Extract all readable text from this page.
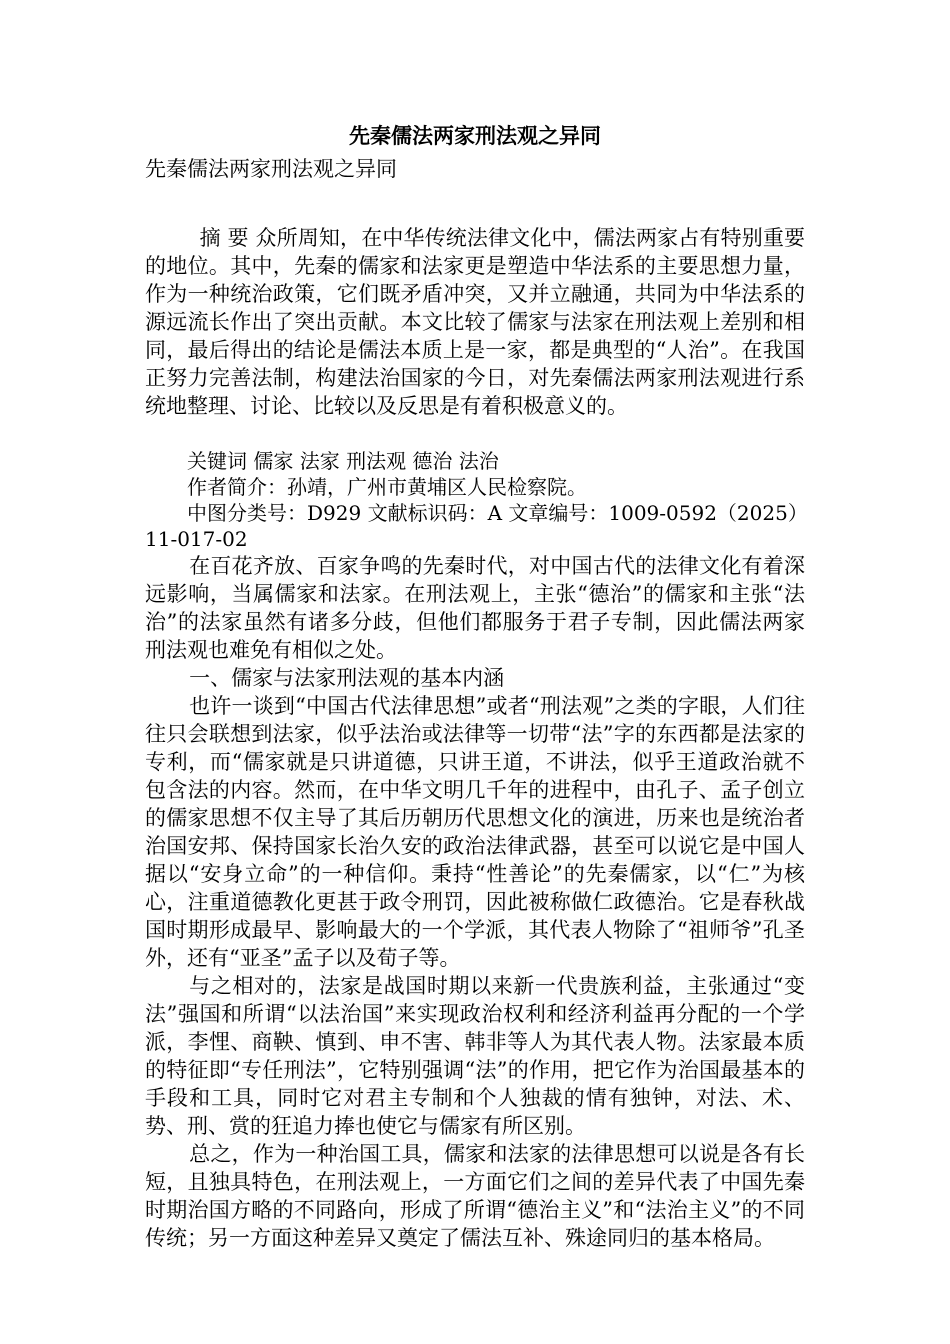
先秦儒法两家刑法观之异同

先秦儒法两家刑法观之异同

摘 要 众所周知，在中华传统法律文化中，儒法两家占有特别重要的地位。其中，先秦的儒家和法家更是塑造中华法系的主要思想力量，作为一种统治政策，它们既矛盾冲突，又并立融通，共同为中华法系的源远流长作出了突出贡献。本文比较了儒家与法家在刑法观上差别和相同，最后得出的结论是儒法本质上是一家，都是典型的“人治”。在我国正努力完善法制，构建法治国家的今日，对先秦儒法两家刑法观进行系统地整理、讨论、比较以及反思是有着积极意义的。

关键词 儒家 法家 刑法观 德治 法治

作者简介：孙靖，广州市黄埔区人民检察院。

中图分类号：D929 文献标识码：A 文章编号：1009-0592（2025）11-017-02

在百花齐放、百家争鸣的先秦时代，对中国古代的法律文化有着深远影响，当属儒家和法家。在刑法观上，主张“德治”的儒家和主张“法治”的法家虽然有诸多分歧，但他们都服务于君子专制，因此儒法两家刑法观也难免有相似之处。

一、儒家与法家刑法观的基本内涵

也许一谈到“中国古代法律思想”或者“刑法观”之类的字眼，人们往往只会联想到法家，似乎法治或法律等一切带“法”字的东西都是法家的专利，而“儒家就是只讲道德，只讲王道，不讲法，似乎王道政治就不包含法的内容。然而，在中华文明几千年的进程中，由孔子、孟子创立的儒家思想不仅主导了其后历朝历代思想文化的演进，历来也是统治者治国安邦、保持国家长治久安的政治法律武器，甚至可以说它是中国人据以“安身立命”的一种信仰。秉持“性善论”的先秦儒家，以“仁”为核心，注重道德教化更甚于政令刑罚，因此被称做仁政德治。它是春秋战国时期形成最早、影响最大的一个学派，其代表人物除了“祖师爷”孔圣外，还有“亚圣”孟子以及荀子等。

与之相对的，法家是战国时期以来新一代贵族利益，主张通过“变法”强国和所谓“以法治国”来实现政治权利和经济利益再分配的一个学派，李悝、商鞅、慎到、申不害、韩非等人为其代表人物。法家最本质的特征即“专任刑法”，它特别强调“法”的作用，把它作为治国最基本的手段和工具，同时它对君主专制和个人独裁的情有独钟，对法、术、势、刑、赏的狂追力捧也使它与儒家有所区别。

总之，作为一种治国工具，儒家和法家的法律思想可以说是各有长短，且独具特色，在刑法观上，一方面它们之间的差异代表了中国先秦时期治国方略的不同路向，形成了所谓“德治主义”和“法治主义”的不同传统；另一方面这种差异又奠定了儒法互补、殊途同归的基本格局。
